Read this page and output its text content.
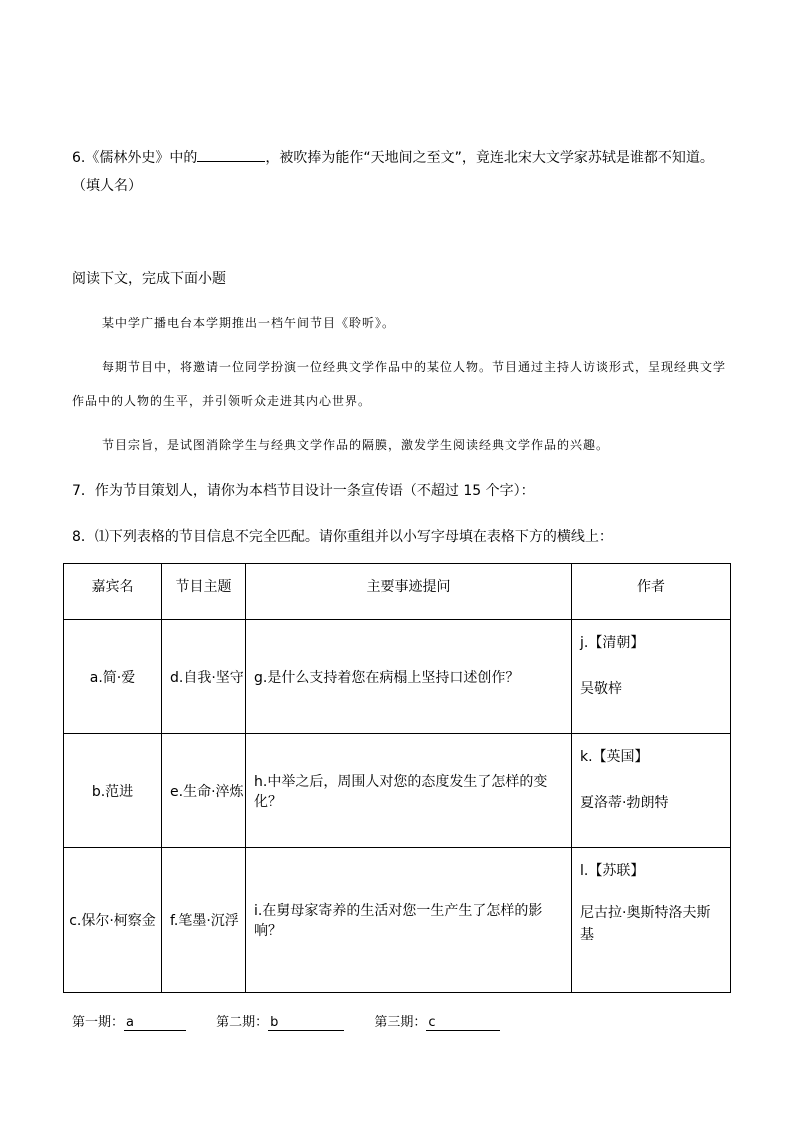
6.《儒林外史》中的	，被吹捧为能作“天地间之至文”，竟连北宋大文学家苏轼是谁都不知道。（填人名）
阅读下文，完成下面小题
某中学广播电台本学期推出一档午间节目《聆听》。
每期节目中，将邀请一位同学扮演一位经典文学作品中的某位人物。节目通过主持人访谈形式，呈现经典文学作品中的人物的生平，并引领听众走进其内心世界。
节目宗旨，是试图消除学生与经典文学作品的隔膜，激发学生阅读经典文学作品的兴趣。
7．作为节目策划人，请你为本档节目设计一条宣传语（不超过 15 个字）：
8．⑴下列表格的节目信息不完全匹配。请你重组并以小写字母填在表格下方的横线上：
嘉宾名	节目主题	主要事迹提问	作者
a.简·爱	d.自我·坚守	g.是什么支持着您在病榻上坚持口述创作？	j.【清朝】
吴敬梓

b.范进	e.生命·淬炼	h.中举之后，周围人对您的态度发生了怎样的变化？	k.【英国】
夏洛蒂·勃朗特

c.保尔·柯察金	f.笔墨·沉浮	i.在舅母家寄养的生活对您一生产生了怎样的影响？	l.【苏联】
尼古拉·奥斯特洛夫斯基
第一期： a	第二期： b	第三期： c
